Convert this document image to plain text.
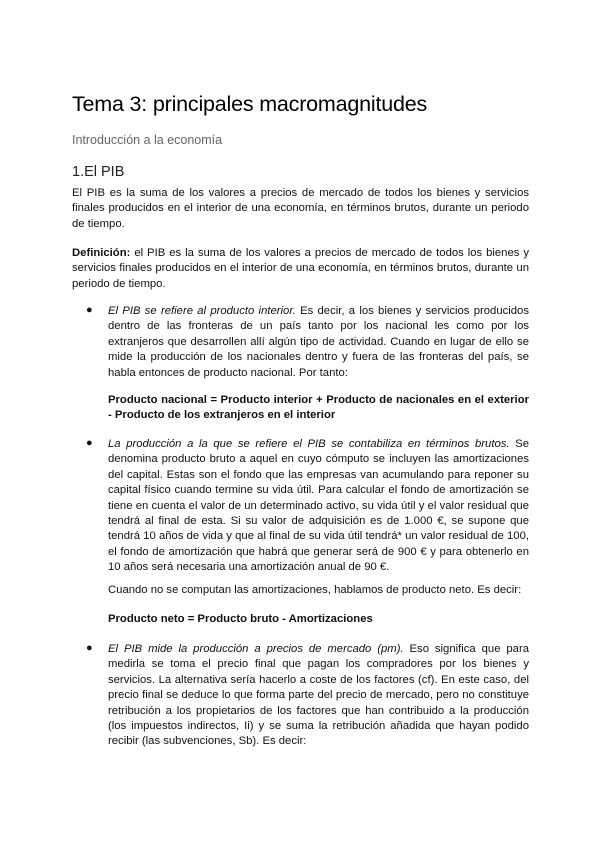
Tema 3: principales macromagnitudes

Introducción a la economía

1.El PIB

El PIB es la suma de los valores a precios de mercado de todos los bienes y servicios finales producidos en el interior de una economía, en términos brutos, durante un periodo de tiempo.

Definición: el PIB es la suma de los valores a precios de mercado de todos los bienes y servicios finales producidos en el interior de una economía, en términos brutos, durante un periodo de tiempo.

● El PIB se refiere al producto interior. Es decir, a los bienes y servicios producidos dentro de las fronteras de un país tanto por los nacional les como por los extranjeros que desarrollen allí algún tipo de actividad. Cuando en lugar de ello se mide la producción de los nacionales dentro y fuera de las fronteras del país, se habla entonces de producto nacional. Por tanto:

Producto nacional = Producto interior + Producto de nacionales en el exterior - Producto de los extranjeros en el interior

● La producción a la que se refiere el PIB se contabiliza en términos brutos. Se denomina producto bruto a aquel en cuyo cómputo se incluyen las amortizaciones del capital. Estas son el fondo que las empresas van acumulando para reponer su capital físico cuando termine su vida útil. Para calcular el fondo de amortización se tiene en cuenta el valor de un determinado activo, su vida útil y el valor residual que tendrá al final de esta. Si su valor de adquisición es de 1.000 €, se supone que tendrá 10 años de vida y que al final de su vida útil tendrá* un valor residual de 100, el fondo de amortización que habrá que generar será de 900 € y para obtenerlo en 10 años será necesaria una amortización anual de 90 €.

Cuando no se computan las amortizaciones, hablamos de producto neto. Es decir:

Producto neto = Producto bruto - Amortizaciones

● El PIB mide la producción a precios de mercado (pm). Eso significa que para medirla se toma el precio final que pagan los compradores por los bienes y servicios. La alternativa sería hacerlo a coste de los factores (cf). En este caso, del precio final se deduce lo que forma parte del precio de mercado, pero no constituye retribución a los propietarios de los factores que han contribuido a la producción (los impuestos indirectos, Ii) y se suma la retribución añadida que hayan podido recibir (las subvenciones, Sb). Es decir:
